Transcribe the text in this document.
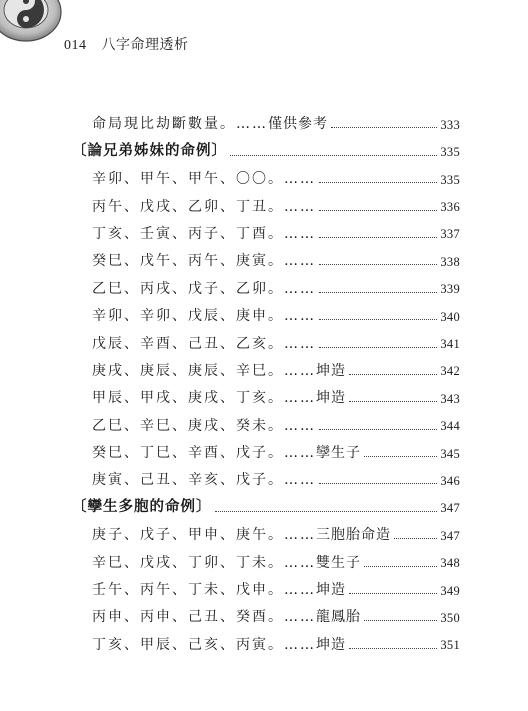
014 八字命理透析
命局現比劫斷數量。…… 僅供參考	333
〔論兄弟姊妹的命例〕	335
辛卯、甲午、甲午、〇〇。……	335
丙午、戊戌、乙卯、丁丑。……	336
丁亥、壬寅、丙子、丁酉。……	337
癸巳、戊午、丙午、庚寅。……	338
乙巳、丙戌、戊子、乙卯。……	339
辛卯、辛卯、戊辰、庚申。……	340
戊辰、辛酉、己丑、乙亥。……	341
庚戌、庚辰、庚辰、辛巳。…… 坤造	342
甲辰、甲戌、庚戌、丁亥。…… 坤造	343
乙巳、辛巳、庚戌、癸未。……	344
癸巳、丁巳、辛酉、戊子。…… 孿生子	345
庚寅、己丑、辛亥、戊子。……	346
〔孿生多胞的命例〕	347
庚子、戊子、甲申、庚午。…… 三胞胎命造	347
辛巳、戊戌、丁卯、丁未。…… 雙生子	348
壬午、丙午、丁未、戊申。…… 坤造	349
丙申、丙申、己丑、癸酉。…… 龍鳳胎	350
丁亥、甲辰、己亥、丙寅。…… 坤造	351
